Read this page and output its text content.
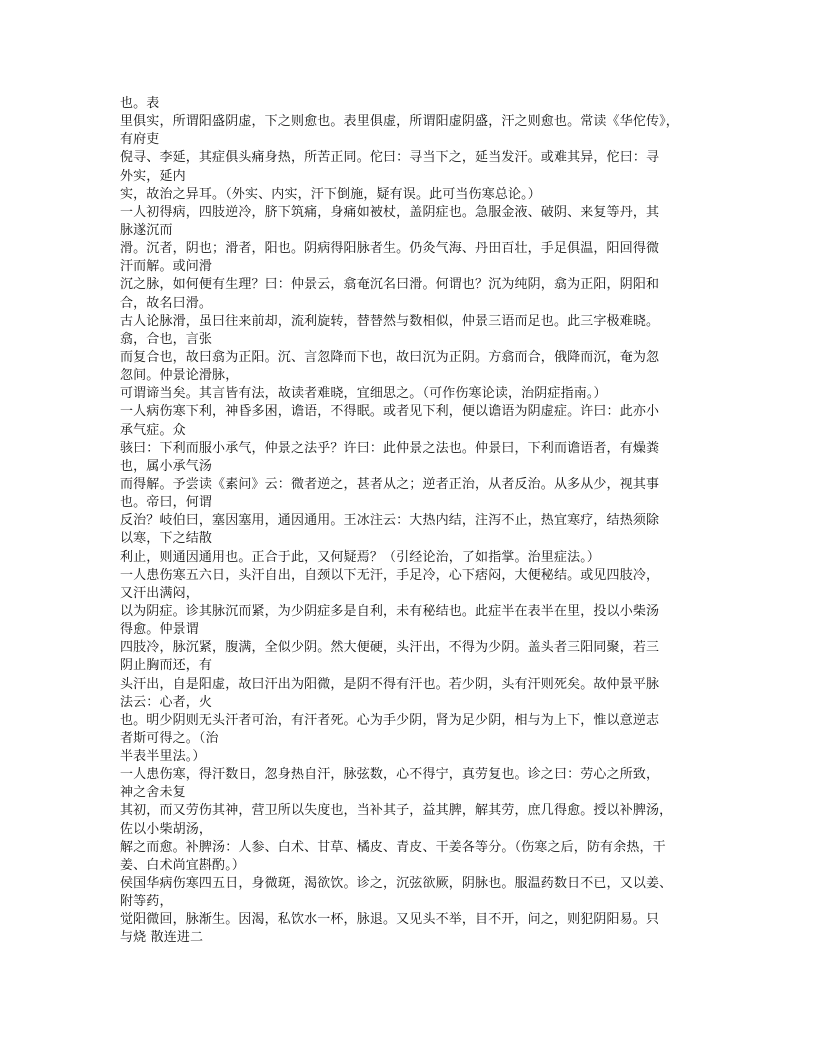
也。表
里俱实，所谓阳盛阴虚，下之则愈也。表里俱虚，所谓阳虚阴盛，汗之则愈也。常读《华佗传》，
有府吏
倪寻、李延，其症俱头痛身热，所苦正同。佗曰：寻当下之，延当发汗。或难其异，佗曰：寻
外实，延内
实，故治之异耳。（外实、内实，汗下倒施，疑有误。此可当伤寒总论。）
一人初得病，四肢逆冷，脐下筑痛，身痛如被杖，盖阴症也。急服金液、破阴、来复等丹，其
脉遂沉而
滑。沉者，阴也；滑者，阳也。阴病得阳脉者生。仍灸气海、丹田百壮，手足俱温，阳回得微
汗而解。或问滑
沉之脉，如何便有生理？曰：仲景云，翕奄沉名曰滑。何谓也？沉为纯阴，翕为正阳，阴阳和
合，故名曰滑。
古人论脉滑，虽曰往来前却，流利旋转，替替然与数相似，仲景三语而足也。此三字极难晓。
翕，合也，言张
而复合也，故曰翕为正阳。沉、言忽降而下也，故曰沉为正阴。方翕而合，俄降而沉，奄为忽
忽间。仲景论滑脉，
可谓谛当矣。其言皆有法，故读者难晓，宜细思之。（可作伤寒论读，治阴症指南。）
一人病伤寒下利，神昏多困，谵语，不得眠。或者见下利，便以谵语为阴虚症。许曰：此亦小
承气症。众
骇曰：下利而服小承气，仲景之法乎？许曰：此仲景之法也。仲景曰，下利而谵语者，有燥粪
也，属小承气汤
而得解。予尝读《素问》云：微者逆之，甚者从之；逆者正治，从者反治。从多从少，视其事
也。帝曰，何谓
反治？岐伯曰，塞因塞用，通因通用。王冰注云：大热内结，注泻不止，热宜寒疗，结热须除
以寒，下之结散
利止，则通因通用也。正合于此，又何疑焉？（引经论治，了如指掌。治里症法。）
一人患伤寒五六日，头汗自出，自颈以下无汗，手足冷，心下痞闷，大便秘结。或见四肢冷，
又汗出满闷，
以为阴症。诊其脉沉而紧，为少阴症多是自利，未有秘结也。此症半在表半在里，投以小柴汤
得愈。仲景谓
四肢冷，脉沉紧，腹满，全似少阴。然大便硬，头汗出，不得为少阴。盖头者三阳同聚，若三
阴止胸而还，有
头汗出，自是阳虚，故曰汗出为阳微，是阴不得有汗也。若少阴，头有汗则死矣。故仲景平脉
法云：心者，火
也。明少阴则无头汗者可治，有汗者死。心为手少阴，肾为足少阴，相与为上下，惟以意逆志
者斯可得之。（治
半表半里法。）
一人患伤寒，得汗数日，忽身热自汗，脉弦数，心不得宁，真劳复也。诊之曰：劳心之所致，
神之舍未复
其初，而又劳伤其神，营卫所以失度也，当补其子，益其脾，解其劳，庶几得愈。授以补脾汤，
佐以小柴胡汤，
解之而愈。补脾汤：人参、白术、甘草、橘皮、青皮、干姜各等分。（伤寒之后，防有余热，干
姜、白术尚宜斟酌。）
侯国华病伤寒四五日，身微斑，渴欲饮。诊之，沉弦欲厥，阴脉也。服温药数日不已，又以姜、
附等药，
觉阳微回，脉渐生。因渴，私饮水一杯，脉退。又见头不举，目不开，问之，则犯阴阳易。只
与烧 散连进二
